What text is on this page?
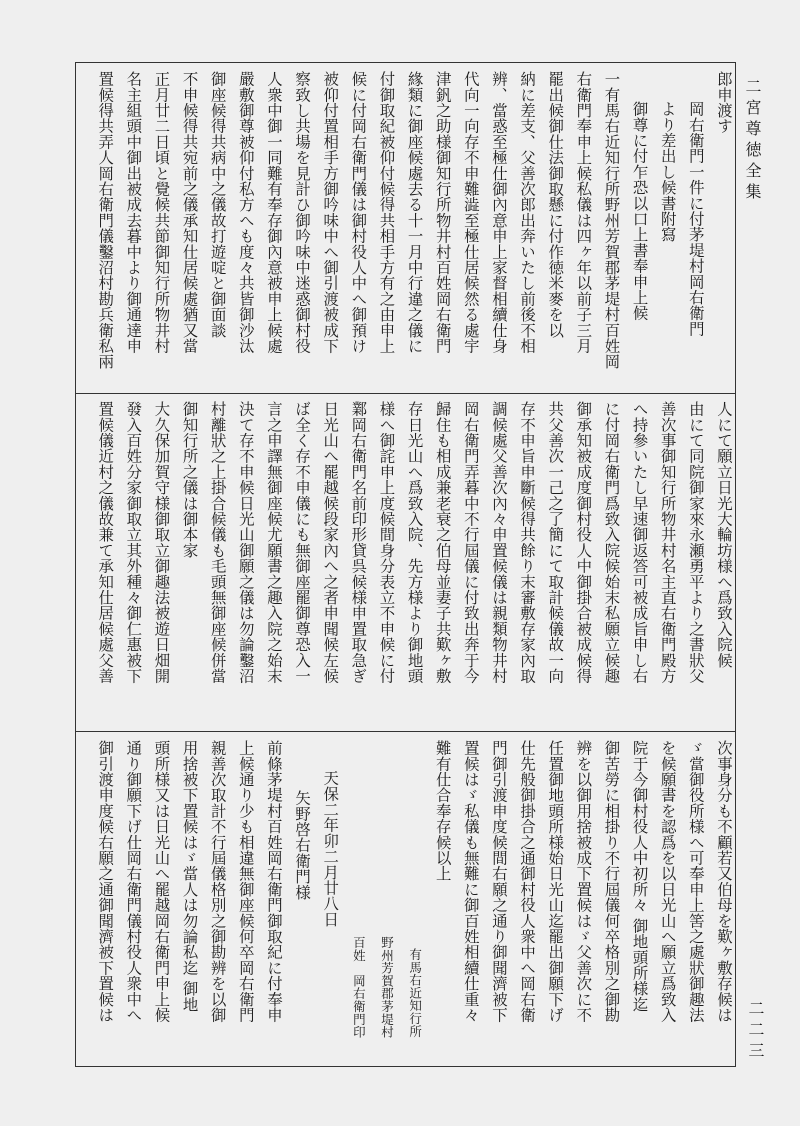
二宮尊徳全集
二二三
郎申渡す
岡右衛門一件に付茅堤村岡右衛門
より差出し候書附寫
御尊に付乍恐以口上書奉申上候
一有馬右近知行所野州芳賀郡茅堤村百姓岡
右衛門奉申上候私儀は四ヶ年以前子三月
罷出候御仕法御取懸に付作徳米麥を以
納に差支、父善次郎出奔いたし前後不相
辨、當惑至極仕御內意申上家督相續仕身
代向一向存不申難澁至極仕居候然る處宇
津釩之助様御知行所物井村百姓岡右衛門
緣類に御座候處去る十一月中行違之儀に
付御取紀被仰付候得共相手方有之由申上
候に付岡右衛門儀は御村役人中へ御預け
被仰付置相手方御吟味中へ御引渡被成下
察致し共場を見計ひ御吟味中迷惑御村役
人衆中御一同難有奉存御內意被申上候處
嚴敷御尊被仰付私方へも度々共皆御沙汰
御座候得共病中之儀故打遊啶と御面談
不申候得共宛前之儀承知仕居候處猶又當
正月廿二日頃と覺候共節御知行所物井村
名主組頭中御出被成去暮中より御通達申
置候得共弄人岡右衛門儀鑿沼村勘兵衛私兩
人にて願立日光大輪坊様へ爲致入院候
由にて同院御家來永瀬勇平より之書狀父
善次事御知行所物井村名主直右衛門殿方
へ持參いたし早速御返答可被成旨申し右
に付岡右衛門爲致入院候始末私願立候趣
御承知被成度御村役人中御掛合被成候得
共父善次一己之了簡にて取計候儀故一向
存不申旨申斷候得共餘り末審敷存家內取
調候處父善次內々申置候儀は親類物井村
岡右衛門弄暮中不行屆儀に付致出奔于今
歸住も相成兼老衰之伯母並妻子共歎ヶ敷
存日光山へ爲致入院、先方様より御地頭
様へ御詫申上度候間身分表立不申候に付
鄴岡右衛門名前印形貸呉候様申置取急ぎ
日光山へ罷越候段家內へ之者申聞候左候
ば全く存不申儀にも無御座罷御尊恐入一
言之申譯無御座候尤願書之趣入院之始末
決て存不申候日光山御願之儀は勿論鑿沼
村離狀之上掛合候儀も毛頭無御座候併當
御知行所之儀は御本家
大久保加賀守様御取立御趣法被遊日畑開
發入百姓分家御取立其外種々御仁惠被下
置候儀近村之儀故兼て承知仕居候處父善
次事身分も不顧若又伯母を歎ヶ敷存候は
ゞ當御役所様へ可奉申上筈之處狀御趣法
を候願書を認爲を以日光山へ願立爲致入
院于今御村役人中初所々 御地頭所様迄
御苦勞に相掛り不行屆儀何卒格別之御勘
辨を以御用捨被成下置候はゞ父善次に不
任置御地頭所様始日光山迄罷出御願下げ
仕先般御掛合之通御村役人衆中へ岡右衛
門御引渡申度候間右願之通り御聞濟被下
置候はゞ私儀も無難に御百姓相續仕重々
難有仕合奉存候以上
有馬右近知行所
野州芳賀郡茅堤村
百姓　岡右衛門印
天保二年卯二月廿八日
矢野啓右衛門様
前條茅堤村百姓岡右衛門御取紀に付奉申
上候通り少も相違無御座候何卒岡右衛門
親善次取計不行屆儀格別之御勘辨を以御
用捨被下置候はゞ當人は勿論私迄 御地
頭所様又は日光山へ罷越岡右衛門申上候
通り御願下げ仕岡右衛門儀村役人衆中へ
御引渡申度候右願之通御聞濟被下置候は
